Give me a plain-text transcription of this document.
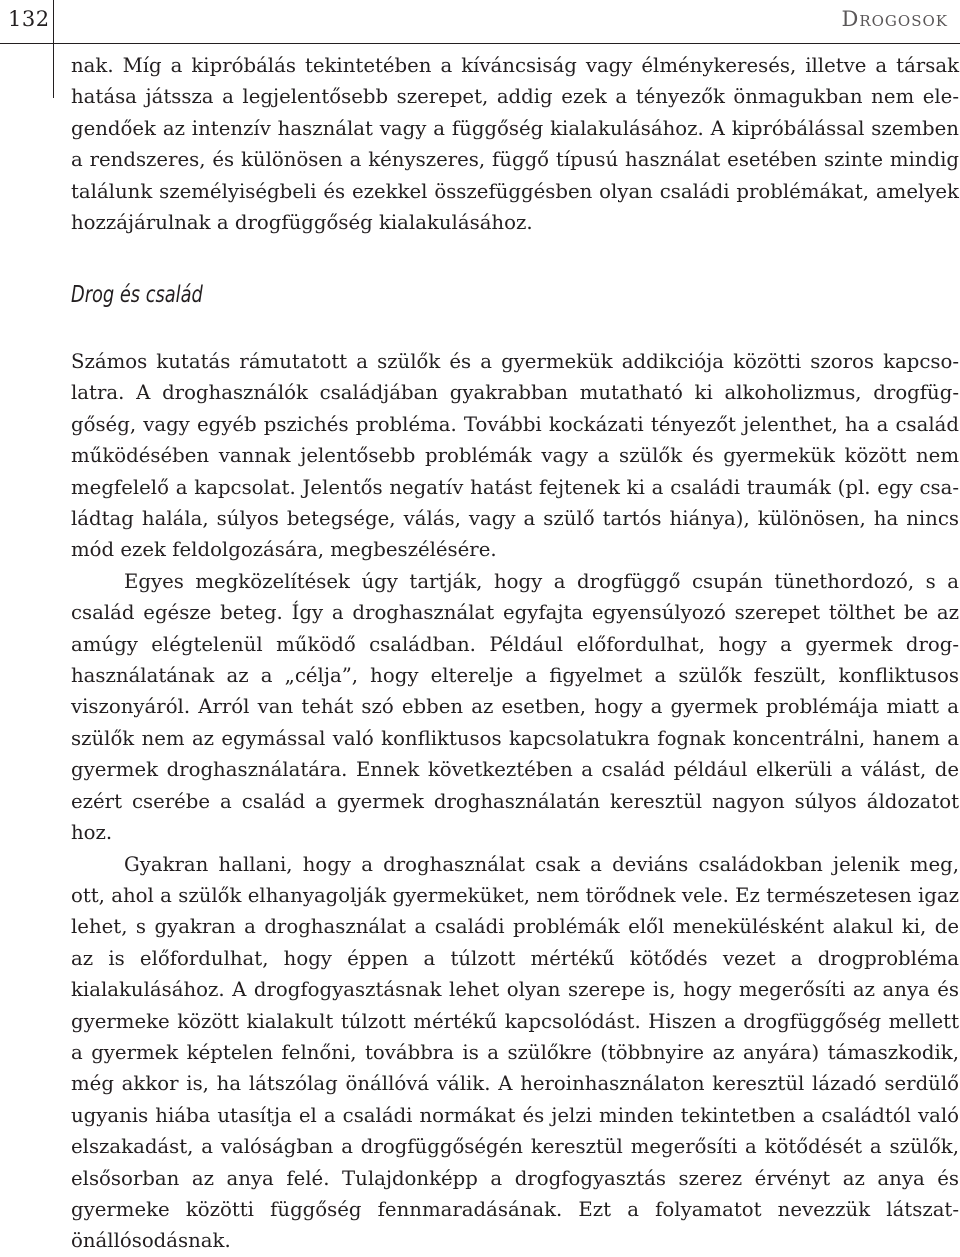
132	Drogosok

nak. Míg a kipróbálás tekintetében a kíváncsiság vagy élménykeresés, illetve a társak hatása játssza a legjelentősebb szerepet, addig ezek a tényezők önmagukban nem elegendőek az intenzív használat vagy a függőség kialakulásához. A kipróbálással szemben a rendszeres, és különösen a kényszeres, függő típusú használat esetében szinte mindig találunk személyiségbeli és ezekkel összefüggésben olyan családi problémákat, amelyek hozzájárulnak a drogfüggőség kialakulásához.

Drog és család

Számos kutatás rámutatott a szülők és a gyermekük addikciója közötti szoros kapcsolatra. A droghasználók családjában gyakrabban mutatható ki alkoholizmus, drogfüggőség, vagy egyéb pszichés probléma. További kockázati tényezőt jelenthet, ha a család működésében vannak jelentősebb problémák vagy a szülők és gyermekük között nem megfelelő a kapcsolat. Jelentős negatív hatást fejtenek ki a családi traumák (pl. egy családtag halála, súlyos betegsége, válás, vagy a szülő tartós hiánya), különösen, ha nincs mód ezek feldolgozására, megbeszélésére.

Egyes megközelítések úgy tartják, hogy a drogfüggő csupán tünethordozó, s a család egésze beteg. Így a droghasználat egyfajta egyensúlyozó szerepet tölthet be az amúgy elégtelenül működő családban. Például előfordulhat, hogy a gyermek droghasználatának az a „célja”, hogy elterelje a figyelmet a szülők feszült, konfliktusos viszonyáról. Arról van tehát szó ebben az esetben, hogy a gyermek problémája miatt a szülők nem az egymással való konfliktusos kapcsolatukra fognak koncentrálni, hanem a gyermek droghasználatára. Ennek következtében a család például elkerüli a válást, de ezért cserébe a család a gyermek droghasználatán keresztül nagyon súlyos áldozatot hoz.

Gyakran hallani, hogy a droghasználat csak a deviáns családokban jelenik meg, ott, ahol a szülők elhanyagolják gyermeküket, nem törődnek vele. Ez természetesen igaz lehet, s gyakran a droghasználat a családi problémák elől menekülésként alakul ki, de az is előfordulhat, hogy éppen a túlzott mértékű kötődés vezet a drogprobléma kialakulásához. A drogfogyasztásnak lehet olyan szerepe is, hogy megerősíti az anya és gyermeke között kialakult túlzott mértékű kapcsolódást. Hiszen a drogfüggőség mellett a gyermek képtelen felnőni, továbbra is a szülőkre (többnyire az anyára) támaszkodik, még akkor is, ha látszólag önállóvá válik. A heroinhasználaton keresztül lázadó serdülő ugyanis hiába utasítja el a családi normákat és jelzi minden tekintetben a családtól való elszakadást, a valóságban a drogfüggőségén keresztül megerősíti a kötődését a szülők, elsősorban az anya felé. Tulajdonképp a drogfogyasztás szerez érvényt az anya és gyermeke közötti függőség fennmaradásának. Ezt a folyamatot nevezzük látszat-önállósodásnak.
